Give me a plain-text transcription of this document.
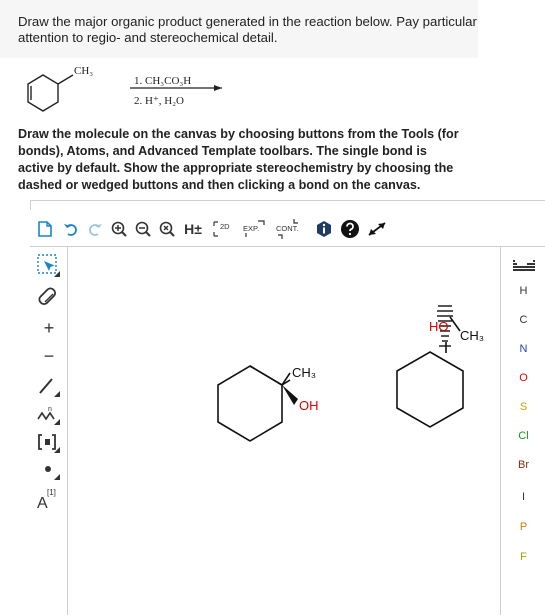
Draw the major organic product generated in the reaction below. Pay particular
attention to regio- and stereochemical detail.
CH₃
1. CH₃CO₃H
2. H⁺, H₂O
Draw the molecule on the canvas by choosing buttons from the Tools (for
bonds), Atoms, and Advanced Template toolbars. The single bond is
active by default. Show the appropriate stereochemistry by choosing the
dashed or wedged buttons and then clicking a bond on the canvas.
H±	2D EXP. CONT.
+
−
n
A
[1]
H
C
N
O
S
Cl
Br
I
P
F
CH₃
OH
HO
CH₃
